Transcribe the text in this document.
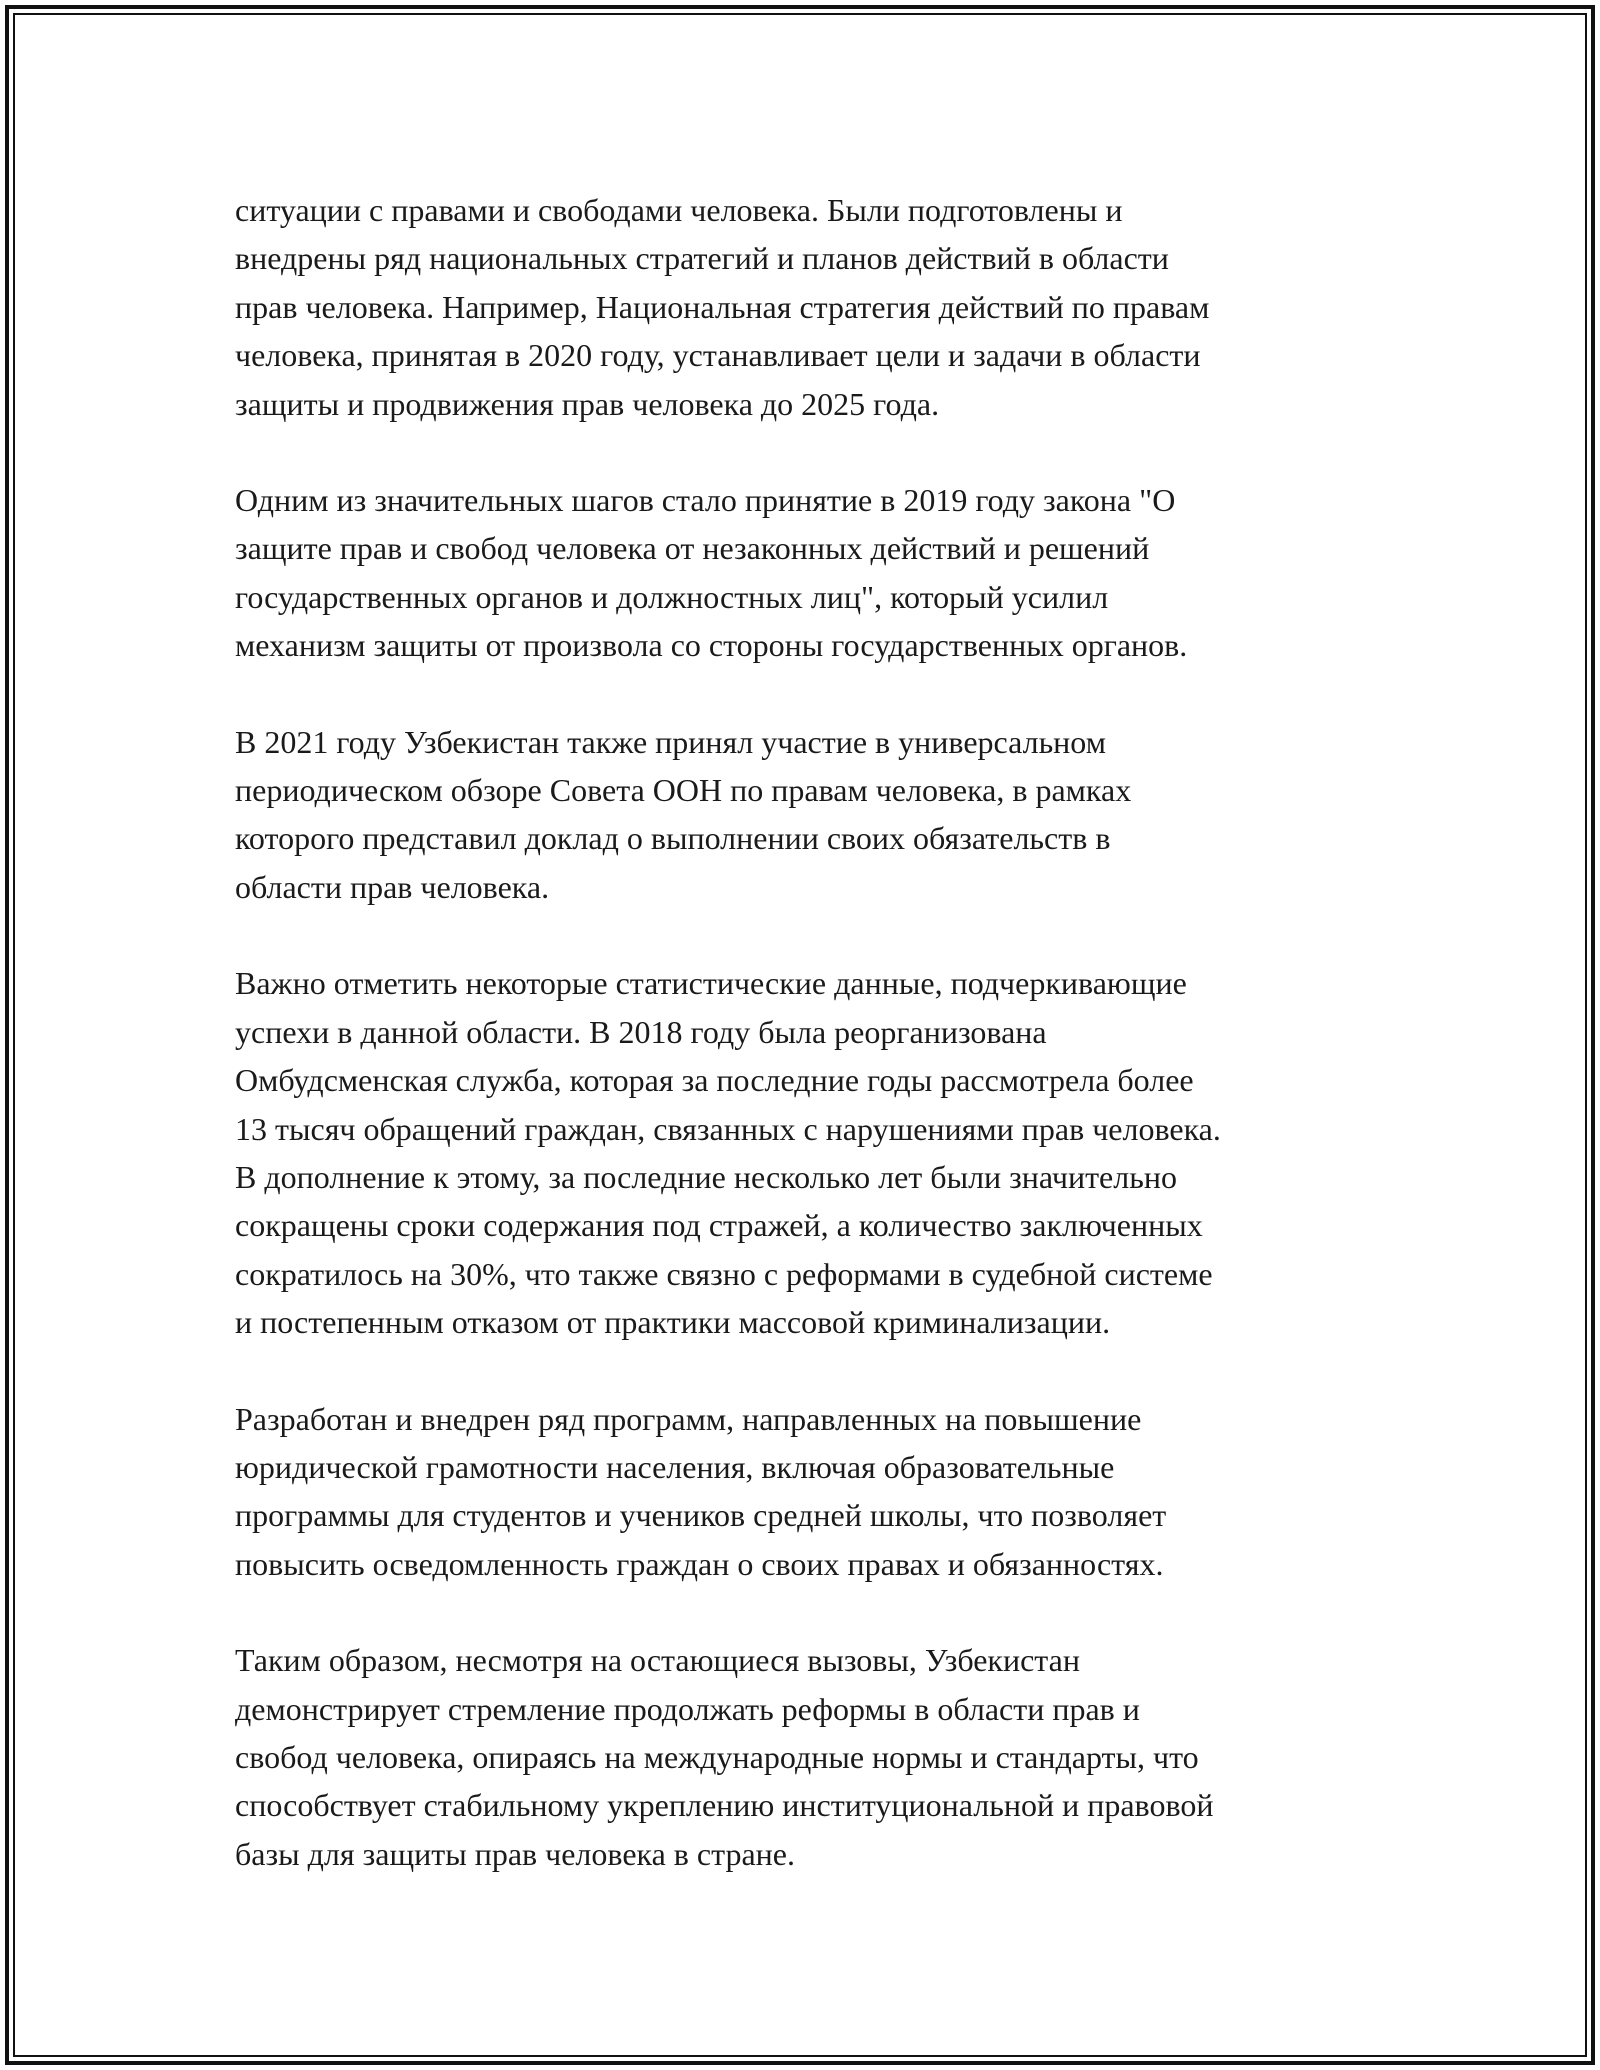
ситуации с правами и свободами человека. Были подготовлены и
внедрены ряд национальных стратегий и планов действий в области
прав человека. Например, Национальная стратегия действий по правам
человека, принятая в 2020 году, устанавливает цели и задачи в области
защиты и продвижения прав человека до 2025 года.

Одним из значительных шагов стало принятие в 2019 году закона "О
защите прав и свобод человека от незаконных действий и решений
государственных органов и должностных лиц", который усилил
механизм защиты от произвола со стороны государственных органов.

В 2021 году Узбекистан также принял участие в универсальном
периодическом обзоре Совета ООН по правам человека, в рамках
которого представил доклад о выполнении своих обязательств в
области прав человека.

Важно отметить некоторые статистические данные, подчеркивающие
успехи в данной области. В 2018 году была реорганизована
Омбудсменская служба, которая за последние годы рассмотрела более
13 тысяч обращений граждан, связанных с нарушениями прав человека.
В дополнение к этому, за последние несколько лет были значительно
сокращены сроки содержания под стражей, а количество заключенных
сократилось на 30%, что также связно с реформами в судебной системе
и постепенным отказом от практики массовой криминализации.

Разработан и внедрен ряд программ, направленных на повышение
юридической грамотности населения, включая образовательные
программы для студентов и учеников средней школы, что позволяет
повысить осведомленность граждан о своих правах и обязанностях.

Таким образом, несмотря на остающиеся вызовы, Узбекистан
демонстрирует стремление продолжать реформы в области прав и
свобод человека, опираясь на международные нормы и стандарты, что
способствует стабильному укреплению институциональной и правовой
базы для защиты прав человека в стране.
